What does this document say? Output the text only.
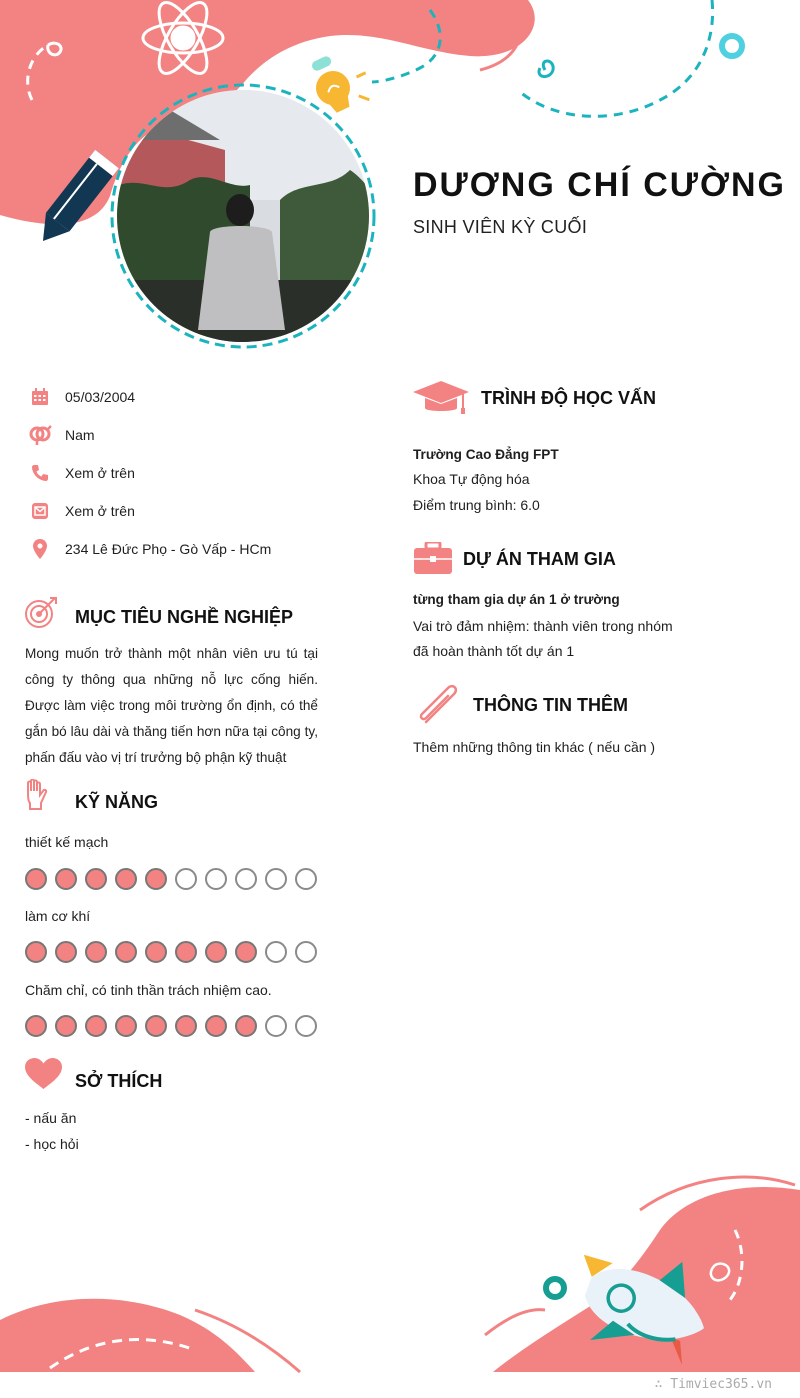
DƯƠNG CHÍ CƯỜNG
SINH VIÊN KỲ CUỐI
05/03/2004
Nam
Xem ở trên
Xem ở trên
234 Lê Đức Phọ - Gò Vấp - HCm
MỤC TIÊU NGHỀ NGHIỆP
Mong muốn trở thành một nhân viên ưu tú tại công ty thông qua những nỗ lực cống hiến. Được làm việc trong môi trường ổn định, có thể gắn bó lâu dài và thăng tiến hơn nữa tại công ty, phấn đấu vào vị trí trưởng bộ phận kỹ thuật
KỸ NĂNG
thiết kế mạch
làm cơ khí
Chăm chỉ, có tinh thần trách nhiệm cao.
SỞ THÍCH
- nấu ăn
- học hỏi
TRÌNH ĐỘ HỌC VẤN
Trường Cao Đẳng FPT
Khoa Tự động hóa
Điểm trung bình: 6.0
DỰ ÁN THAM GIA
từng tham gia dự án 1 ở trường
Vai trò đảm nhiệm: thành viên trong nhóm
đã hoàn thành tốt dự án 1
THÔNG TIN THÊM
Thêm những thông tin khác ( nếu cần )
∴ Timviec365.vn
